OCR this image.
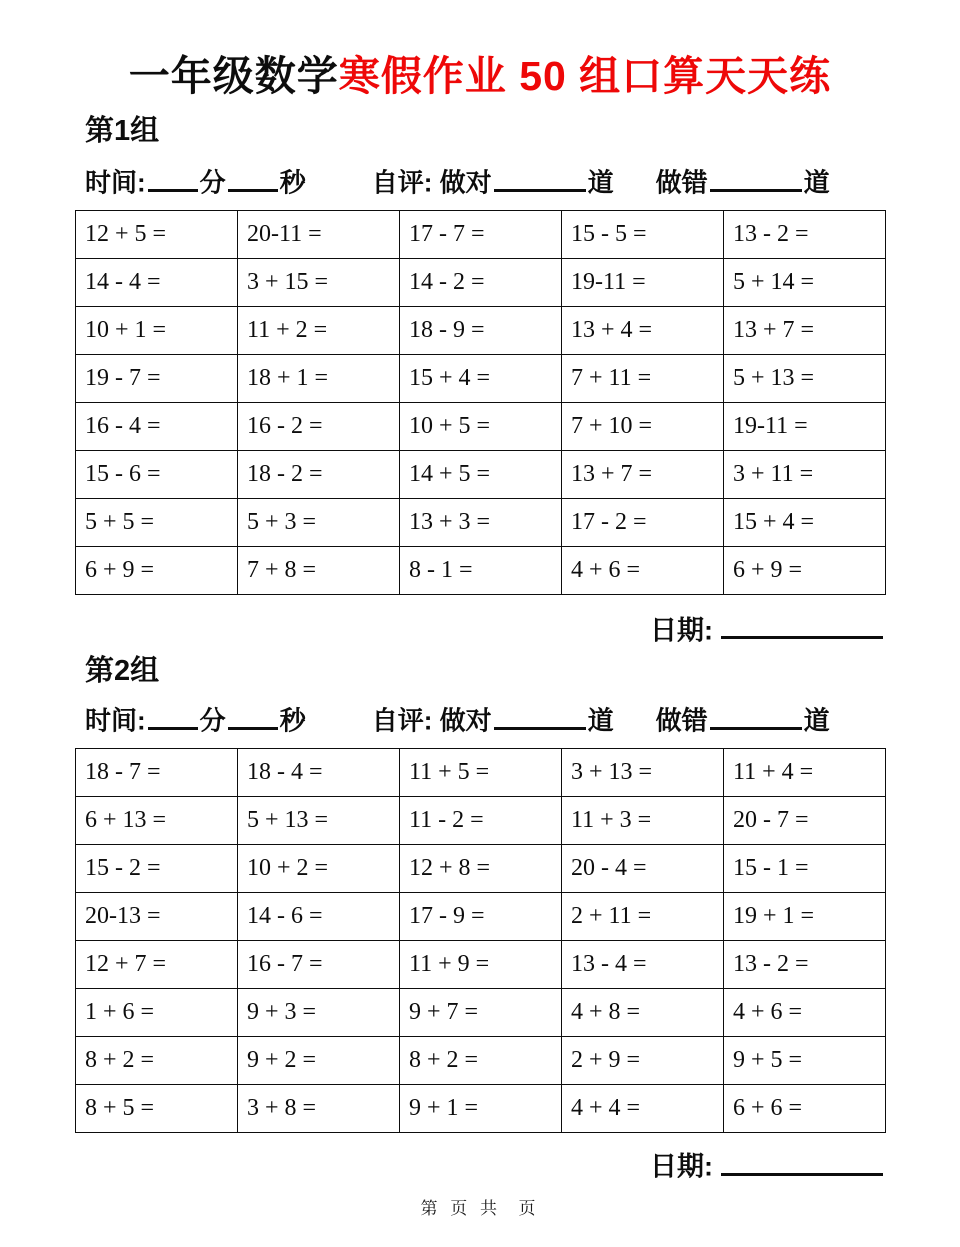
一年级数学寒假作业 50 组口算天天练
第1组
时间: 分 秒	自评: 做对	道 做错	道
12 + 5 =	20-11 =	17 - 7 =	15 - 5 =	13 - 2 =
14 - 4 =	3 + 15 =	14 - 2 =	19-11 =	5 + 14 =
10 + 1 =	11 + 2 =	18 - 9 =	13 + 4 =	13 + 7 =
19 - 7 =	18 + 1 =	15 + 4 =	7 + 11 =	5 + 13 =
16 - 4 =	16 - 2 =	10 + 5 =	7 + 10 =	19-11 =
15 - 6 =	18 - 2 =	14 + 5 =	13 + 7 =	3 + 11 =
5 + 5 =	5 + 3 =	13 + 3 =	17 - 2 =	15 + 4 =
6 + 9 =	7 + 8 =	8 - 1 =	4 + 6 =	6 + 9 =
日期:
第2组
时间: 分 秒	自评: 做对	道 做错	道
18 - 7 =	18 - 4 =	11 + 5 =	3 + 13 =	11 + 4 =
6 + 13 =	5 + 13 =	11 - 2 =	11 + 3 =	20 - 7 =
15 - 2 =	10 + 2 =	12 + 8 =	20 - 4 =	15 - 1 =
20-13 =	14 - 6 =	17 - 9 =	2 + 11 =	19 + 1 =
12 + 7 =	16 - 7 =	11 + 9 =	13 - 4 =	13 - 2 =
1 + 6 =	9 + 3 =	9 + 7 =	4 + 8 =	4 + 6 =
8 + 2 =	9 + 2 =	8 + 2 =	2 + 9 =	9 + 5 =
8 + 5 =	3 + 8 =	9 + 1 =	4 + 4 =	6 + 6 =
日期:
第 页 共  页
